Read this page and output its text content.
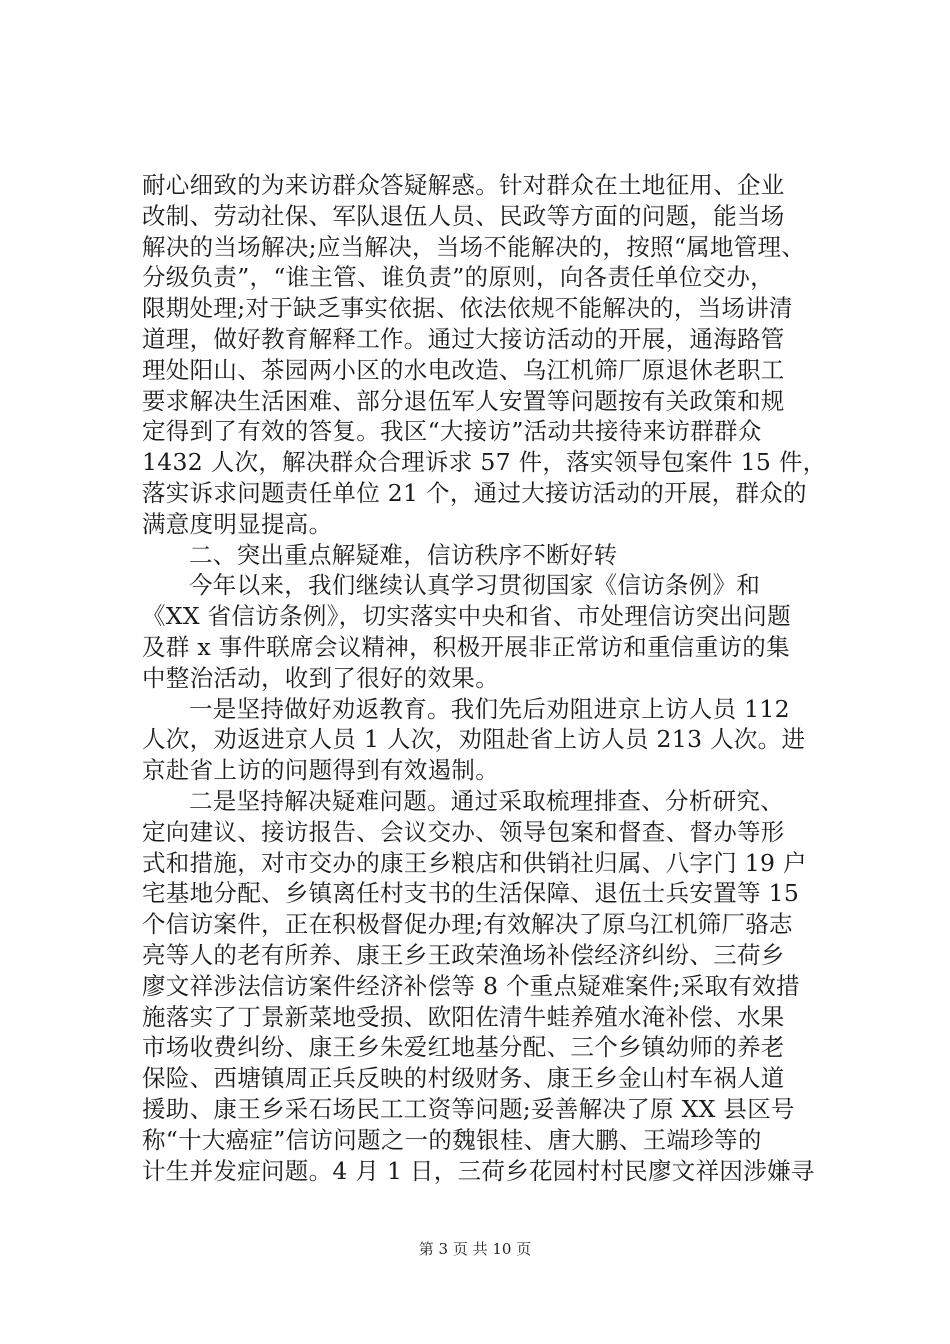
耐心细致的为来访群众答疑解惑。针对群众在土地征用、企业
改制、劳动社保、军队退伍人员、民政等方面的问题，能当场
解决的当场解决;应当解决，当场不能解决的，按照“属地管理、
分级负责”，“谁主管、谁负责”的原则，向各责任单位交办，
限期处理;对于缺乏事实依据、依法依规不能解决的，当场讲清
道理，做好教育解释工作。通过大接访活动的开展，通海路管
理处阳山、茶园两小区的水电改造、乌江机筛厂原退休老职工
要求解决生活困难、部分退伍军人安置等问题按有关政策和规
定得到了有效的答复。我区“大接访”活动共接待来访群群众
1432 人次，解决群众合理诉求 57 件，落实领导包案件 15 件，
落实诉求问题责任单位 21 个，通过大接访活动的开展，群众的
满意度明显提高。
二、突出重点解疑难，信访秩序不断好转
今年以来，我们继续认真学习贯彻国家《信访条例》和
《XX 省信访条例》，切实落实中央和省、市处理信访突出问题
及群 x 事件联席会议精神，积极开展非正常访和重信重访的集
中整治活动，收到了很好的效果。
一是坚持做好劝返教育。我们先后劝阻进京上访人员 112
人次，劝返进京人员 1 人次，劝阻赴省上访人员 213 人次。进
京赴省上访的问题得到有效遏制。
二是坚持解决疑难问题。通过采取梳理排查、分析研究、
定向建议、接访报告、会议交办、领导包案和督查、督办等形
式和措施，对市交办的康王乡粮店和供销社归属、八字门 19 户
宅基地分配、乡镇离任村支书的生活保障、退伍士兵安置等 15
个信访案件，正在积极督促办理;有效解决了原乌江机筛厂骆志
亮等人的老有所养、康王乡王政荣渔场补偿经济纠纷、三荷乡
廖文祥涉法信访案件经济补偿等 8 个重点疑难案件;采取有效措
施落实了丁景新菜地受损、欧阳佐清牛蛙养殖水淹补偿、水果
市场收费纠纷、康王乡朱爱红地基分配、三个乡镇幼师的养老
保险、西塘镇周正兵反映的村级财务、康王乡金山村车祸人道
援助、康王乡采石场民工工资等问题;妥善解决了原 XX 县区号
称“十大癌症”信访问题之一的魏银桂、唐大鹏、王端珍等的
计生并发症问题。4 月 1 日，三荷乡花园村村民廖文祥因涉嫌寻
第 3 页 共 10 页
